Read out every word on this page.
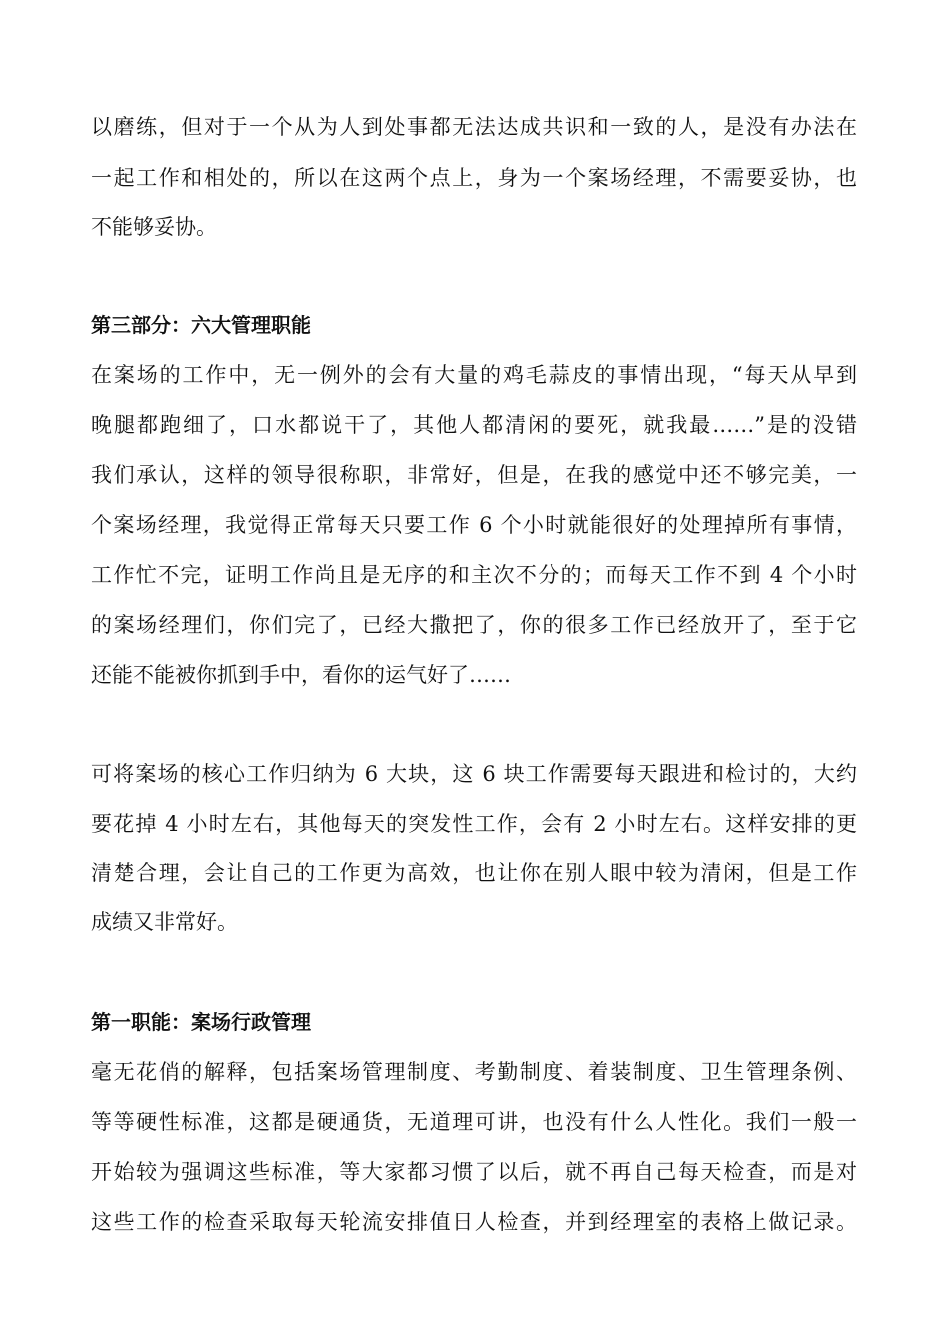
以磨练，但对于一个从为人到处事都无法达成共识和一致的人，是没有办法在
一起工作和相处的，所以在这两个点上，身为一个案场经理，不需要妥协，也
不能够妥协。
第三部分：六大管理职能
在案场的工作中，无一例外的会有大量的鸡毛蒜皮的事情出现，“每天从早到
晚腿都跑细了，口水都说干了，其他人都清闲的要死，就我最……”是的没错
我们承认，这样的领导很称职，非常好，但是，在我的感觉中还不够完美，一
个案场经理，我觉得正常每天只要工作 6 个小时就能很好的处理掉所有事情，
工作忙不完，证明工作尚且是无序的和主次不分的；而每天工作不到 4 个小时
的案场经理们，你们完了，已经大撒把了，你的很多工作已经放开了，至于它
还能不能被你抓到手中，看你的运气好了……
可将案场的核心工作归纳为 6 大块，这 6 块工作需要每天跟进和检讨的，大约
要花掉 4 小时左右，其他每天的突发性工作，会有 2 小时左右。这样安排的更
清楚合理，会让自己的工作更为高效，也让你在别人眼中较为清闲，但是工作
成绩又非常好。
第一职能：案场行政管理
毫无花俏的解释，包括案场管理制度、考勤制度、着装制度、卫生管理条例、
等等硬性标准，这都是硬通货，无道理可讲，也没有什么人性化。我们一般一
开始较为强调这些标准，等大家都习惯了以后，就不再自己每天检查，而是对
这些工作的检查采取每天轮流安排值日人检查，并到经理室的表格上做记录。
